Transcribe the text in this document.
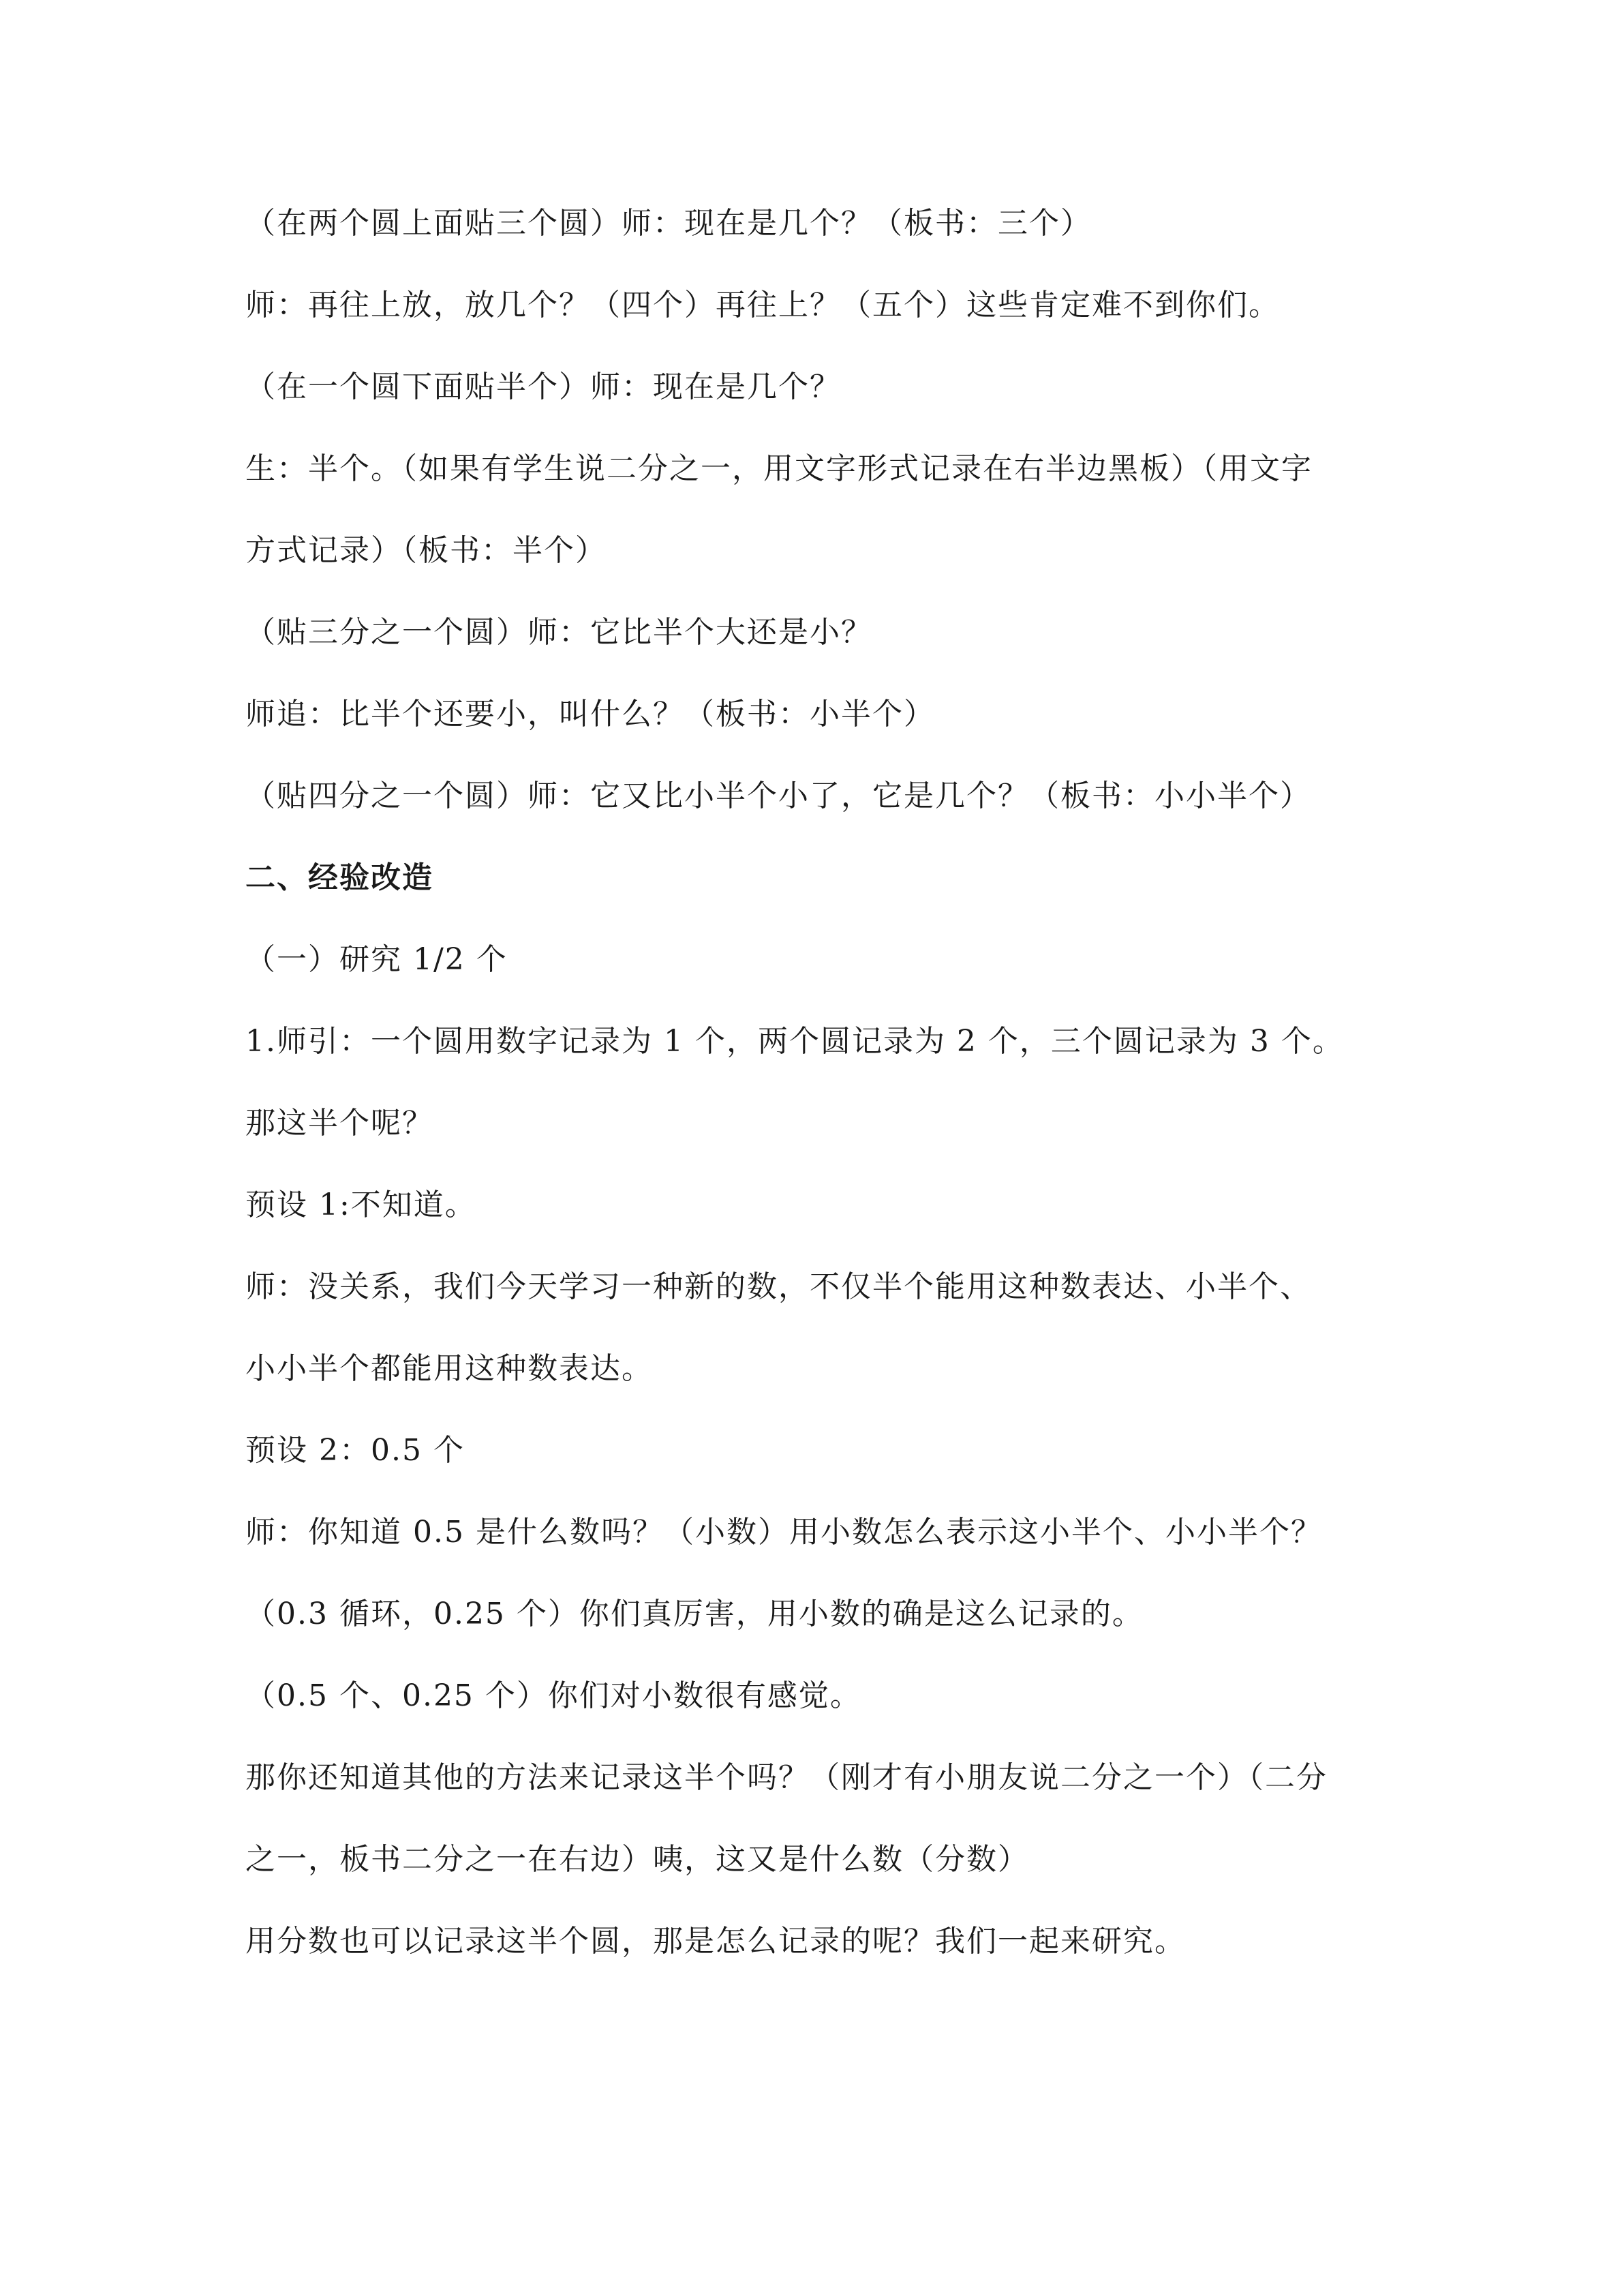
（在两个圆上面贴三个圆）师：现在是几个？（板书：三个）
师：再往上放，放几个？（四个）再往上？（五个）这些肯定难不到你们。
（在一个圆下面贴半个）师：现在是几个？
生：半个。（如果有学生说二分之一，用文字形式记录在右半边黑板）（用文字
方式记录）（板书：半个）
（贴三分之一个圆）师：它比半个大还是小？
师追：比半个还要小，叫什么？（板书：小半个）
（贴四分之一个圆）师：它又比小半个小了，它是几个？（板书：小小半个）
二、经验改造
（一）研究 1/2 个
1.师引：一个圆用数字记录为 1 个，两个圆记录为 2 个，三个圆记录为 3 个。
那这半个呢？
预设 1:不知道。
师：没关系，我们今天学习一种新的数，不仅半个能用这种数表达、小半个、
小小半个都能用这种数表达。
预设 2：0.5 个
师：你知道 0.5 是什么数吗？（小数）用小数怎么表示这小半个、小小半个？
（0.3 循环，0.25 个）你们真厉害，用小数的确是这么记录的。
（0.5 个、0.25 个）你们对小数很有感觉。
那你还知道其他的方法来记录这半个吗？（刚才有小朋友说二分之一个）（二分
之一，板书二分之一在右边）咦，这又是什么数（分数）
用分数也可以记录这半个圆，那是怎么记录的呢？我们一起来研究。
